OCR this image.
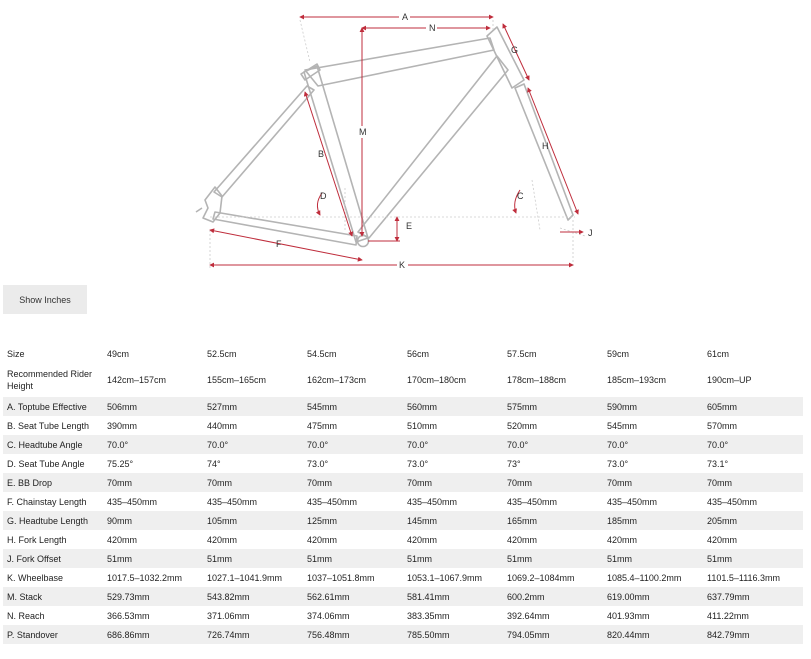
A
N
M
B
G
H
C
D
E
F
J
K
Show Inches
Size	49cm	52.5cm	54.5cm	56cm	57.5cm	59cm	61cm
Recommended Rider Height	142cm–157cm	155cm–165cm	162cm–173cm	170cm–180cm	178cm–188cm	185cm–193cm	190cm–UP
A. Toptube Effective	506mm	527mm	545mm	560mm	575mm	590mm	605mm
B. Seat Tube Length	390mm	440mm	475mm	510mm	520mm	545mm	570mm
C. Headtube Angle	70.0°	70.0°	70.0°	70.0°	70.0°	70.0°	70.0°
D. Seat Tube Angle	75.25°	74°	73.0°	73.0°	73°	73.0°	73.1°
E. BB Drop	70mm	70mm	70mm	70mm	70mm	70mm	70mm
F. Chainstay Length	435–450mm	435–450mm	435–450mm	435–450mm	435–450mm	435–450mm	435–450mm
G. Headtube Length	90mm	105mm	125mm	145mm	165mm	185mm	205mm
H. Fork Length	420mm	420mm	420mm	420mm	420mm	420mm	420mm
J. Fork Offset	51mm	51mm	51mm	51mm	51mm	51mm	51mm
K. Wheelbase	1017.5–1032.2mm	1027.1–1041.9mm	1037–1051.8mm	1053.1–1067.9mm	1069.2–1084mm	1085.4–1100.2mm	1101.5–1116.3mm
M. Stack	529.73mm	543.82mm	562.61mm	581.41mm	600.2mm	619.00mm	637.79mm
N. Reach	366.53mm	371.06mm	374.06mm	383.35mm	392.64mm	401.93mm	411.22mm
P. Standover	686.86mm	726.74mm	756.48mm	785.50mm	794.05mm	820.44mm	842.79mm
